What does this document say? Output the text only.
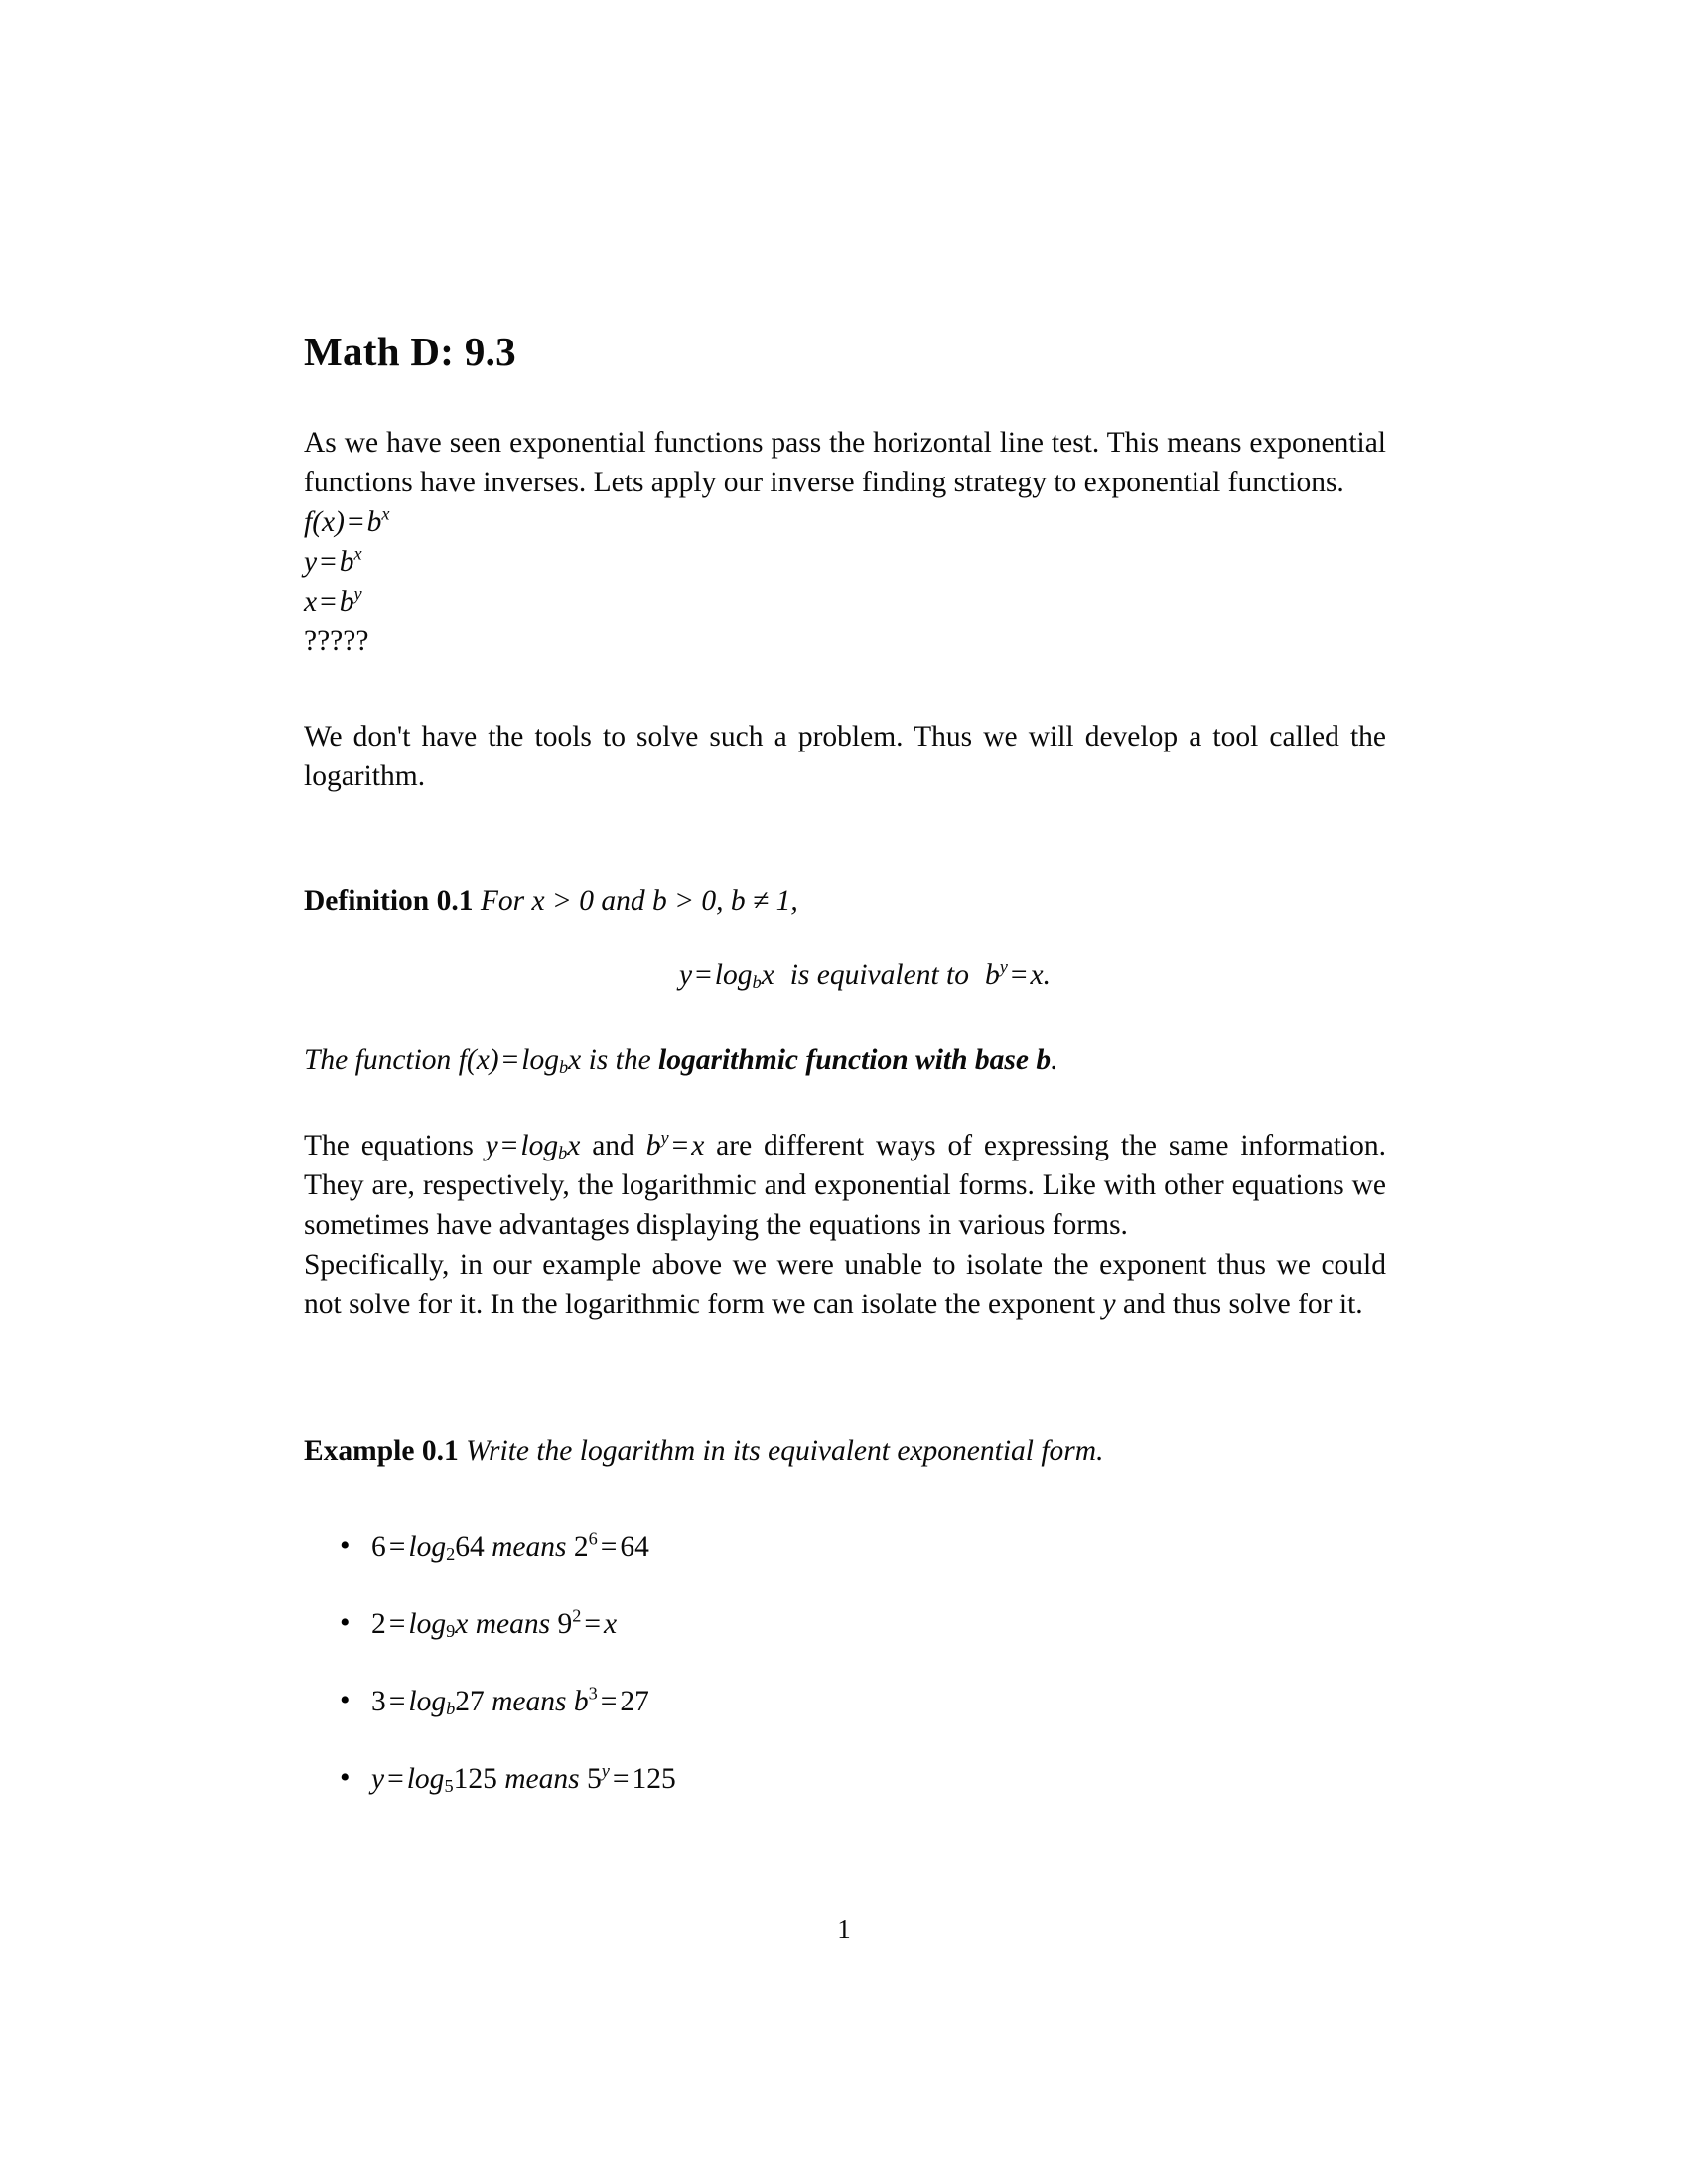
Math D: 9.3

As we have seen exponential functions pass the horizontal line test. This means exponential functions have inverses. Lets apply our inverse finding strategy to exponential functions.

$f(x) = b^x$
$y = b^x$
$x = b^y$
?????

We don't have the tools to solve such a problem. Thus we will develop a tool called the logarithm.

Definition 0.1 For x > 0 and b > 0, b ≠ 1,

$y = \log_bx$ is equivalent to $b^y = x$.

The function $f(x) = \log_bx$ is the logarithmic function with base b.

The equations $y = \log_bx$ and $b^y = x$ are different ways of expressing the same information. They are, respectively, the logarithmic and exponential forms. Like with other equations we sometimes have advantages displaying the equations in various forms.

Specifically, in our example above we were unable to isolate the exponent thus we could not solve for it. In the logarithmic form we can isolate the exponent y and thus solve for it.

Example 0.1 Write the logarithm in its equivalent exponential form.

• $6 = \log_264$ means $2^6 = 64$
• $2 = \log_9x$ means $9^2 = x$
• $3 = \log_b27$ means $b^3 = 27$
• $y = \log_5125$ means $5^y = 125$
1
